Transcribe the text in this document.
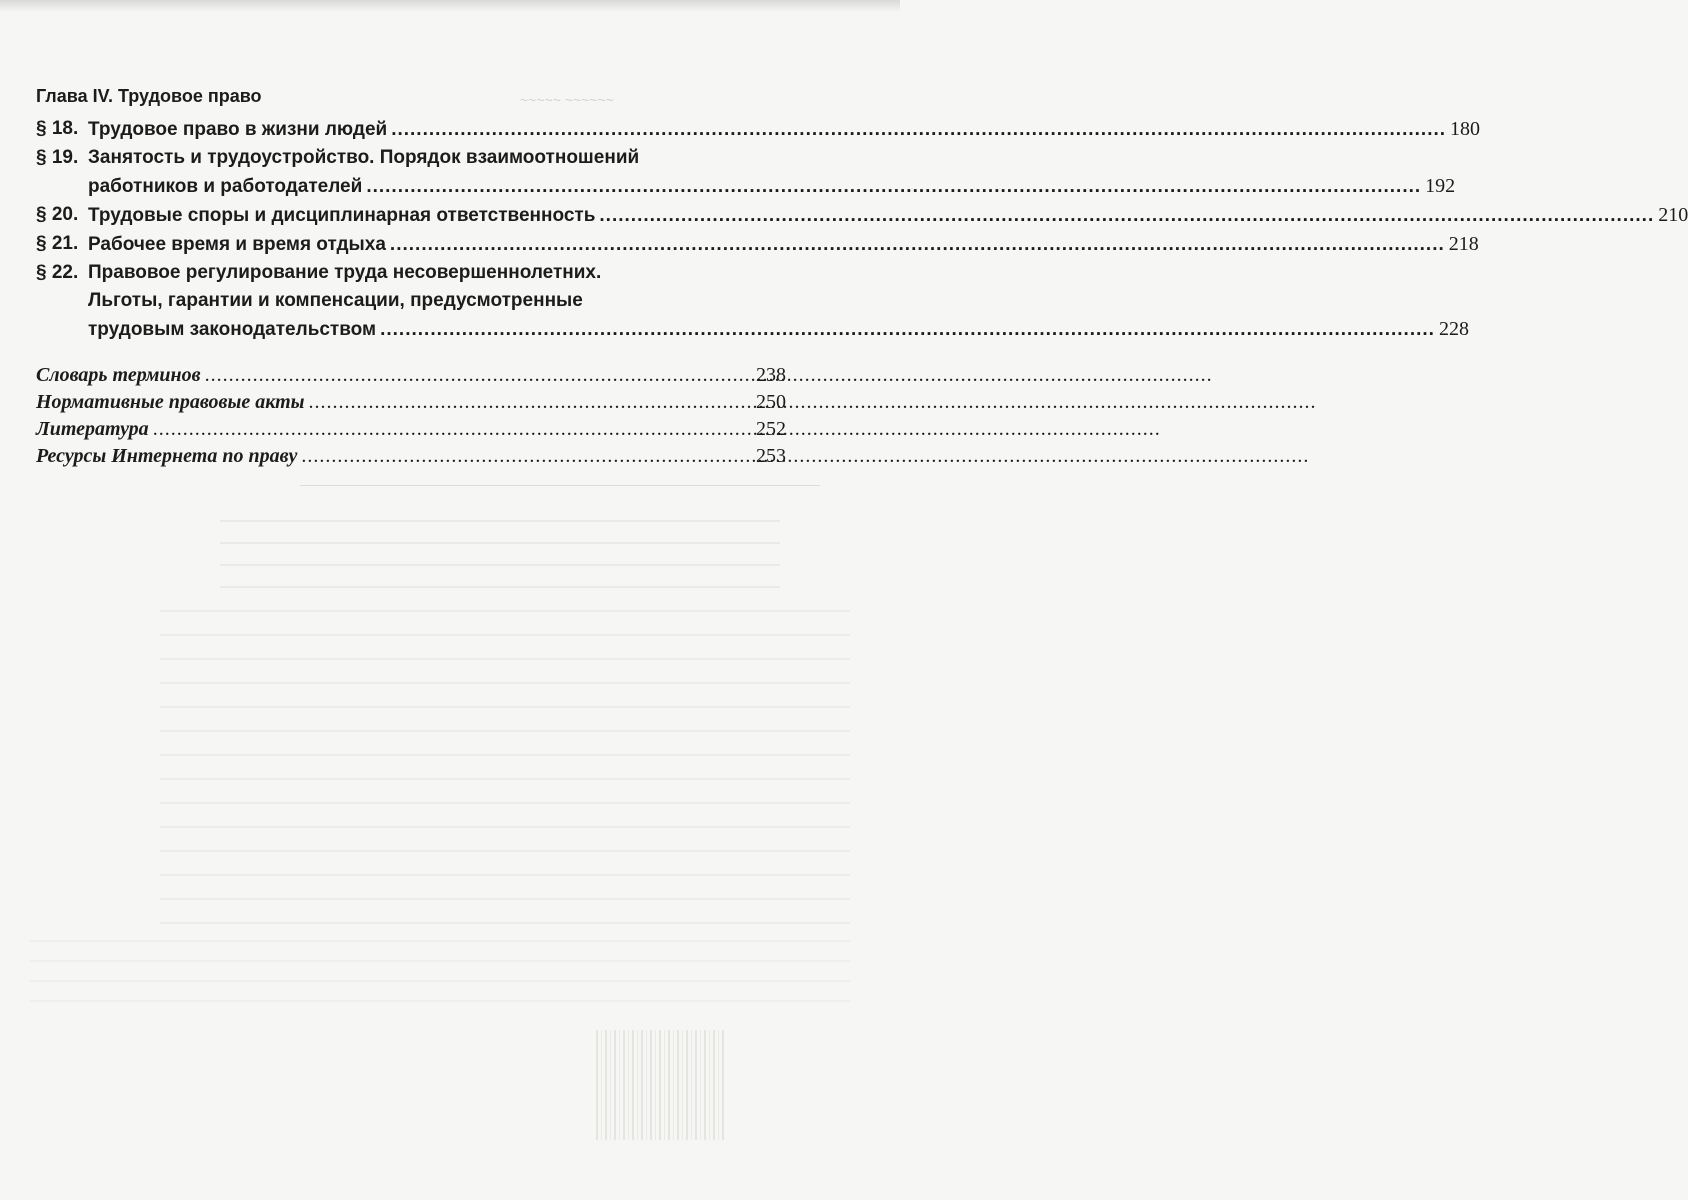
~~~~~ ~~~~~~
Глава IV. Трудовое право
§ 18. Трудовое право в жизни людей .....	180
§ 19. Занятость и трудоустройство. Порядок взаимоотношений
работников и работодателей .....	192
§ 20. Трудовые споры и дисциплинарная ответственность .....	210
§ 21. Рабочее время и время отдыха .....	218
§ 22. Правовое регулирование труда несовершеннолетних.
Льготы, гарантии и компенсации, предусмотренные
трудовым законодательством .....	228
Словарь терминов .....	238
Нормативные правовые акты .....	250
Литература .....	252
Ресурсы Интернета по праву .....	253
